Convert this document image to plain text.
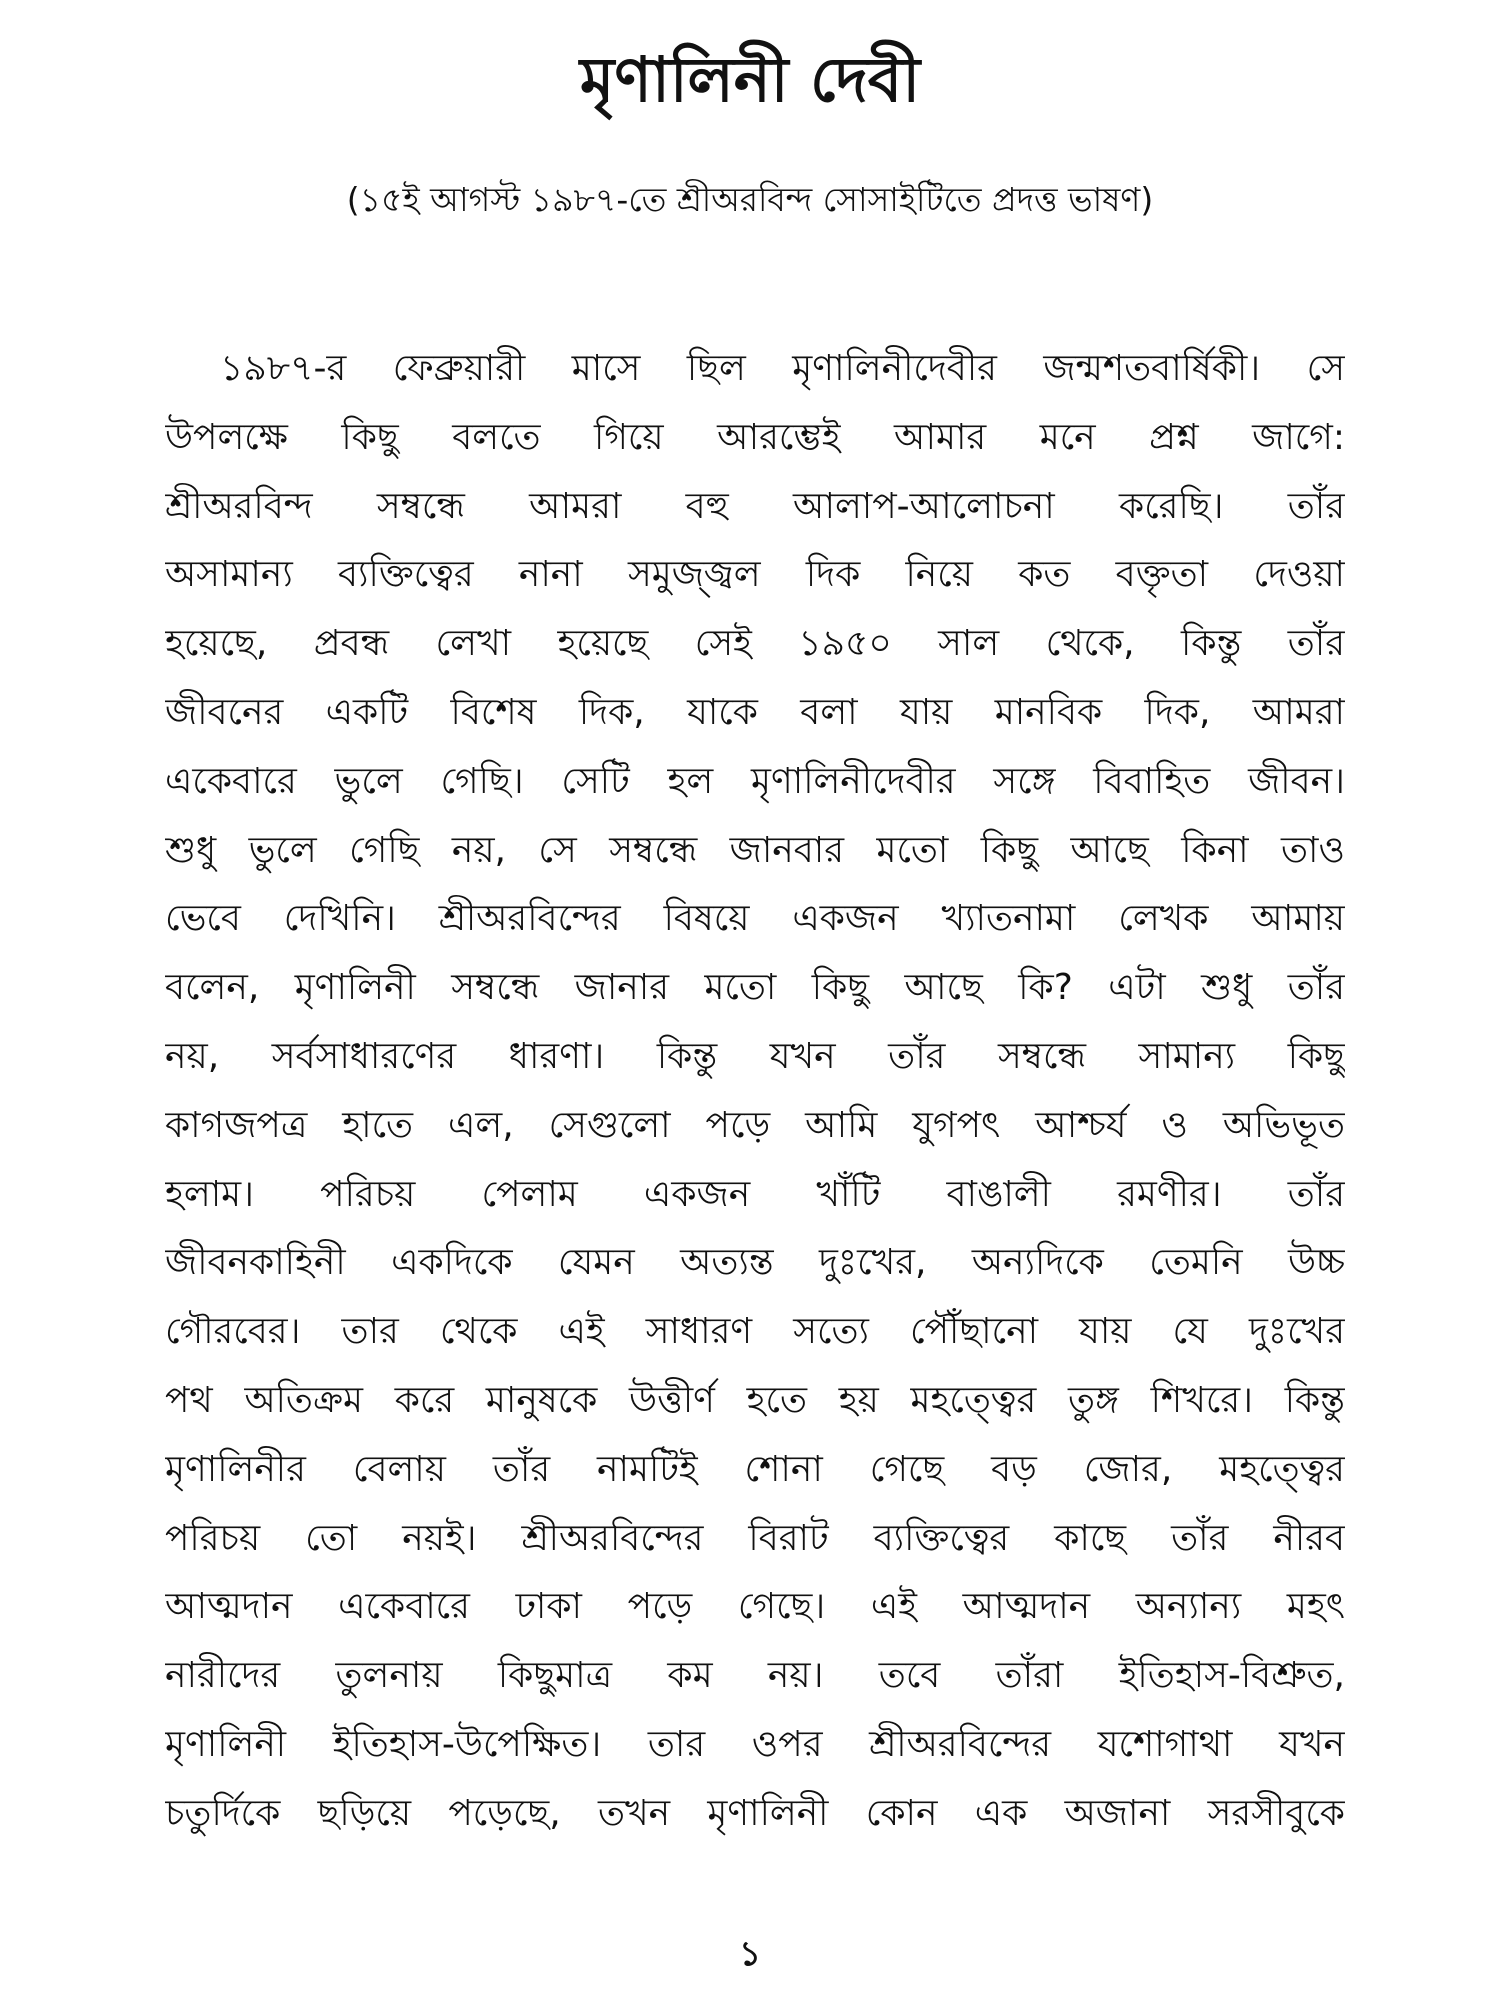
মৃণালিনী দেবী

(১৫ই আগস্ট ১৯৮৭-তে শ্রীঅরবিন্দ সোসাইটিতে প্রদত্ত ভাষণ)

১৯৮৭-র ফেব্রুয়ারী মাসে ছিল মৃণালিনীদেবীর জন্মশতবার্ষিকী। সে
উপলক্ষে কিছু বলতে গিয়ে আরম্ভেই আমার মনে প্রশ্ন জাগে:
শ্রীঅরবিন্দ সম্বন্ধে আমরা বহু আলাপ-আলোচনা করেছি। তাঁর
অসামান্য ব্যক্তিত্বের নানা সমুজ্জ্বল দিক নিয়ে কত বক্তৃতা দেওয়া
হয়েছে, প্রবন্ধ লেখা হয়েছে সেই ১৯৫০ সাল থেকে, কিন্তু তাঁর
জীবনের একটি বিশেষ দিক, যাকে বলা যায় মানবিক দিক, আমরা
একেবারে ভুলে গেছি। সেটি হল মৃণালিনীদেবীর সঙ্গে বিবাহিত জীবন।
শুধু ভুলে গেছি নয়, সে সম্বন্ধে জানবার মতো কিছু আছে কিনা তাও
ভেবে দেখিনি। শ্রীঅরবিন্দের বিষয়ে একজন খ্যাতনামা লেখক আমায়
বলেন, মৃণালিনী সম্বন্ধে জানার মতো কিছু আছে কি? এটা শুধু তাঁর
নয়, সর্বসাধারণের ধারণা। কিন্তু যখন তাঁর সম্বন্ধে সামান্য কিছু
কাগজপত্র হাতে এল, সেগুলো পড়ে আমি যুগপৎ আশ্চর্য ও অভিভূত
হলাম। পরিচয় পেলাম একজন খাঁটি বাঙালী রমণীর। তাঁর
জীবনকাহিনী একদিকে যেমন অত্যন্ত দুঃখের, অন্যদিকে তেমনি উচ্চ
গৌরবের। তার থেকে এই সাধারণ সত্যে পৌঁছানো যায় যে দুঃখের
পথ অতিক্রম করে মানুষকে উত্তীর্ণ হতে হয় মহত্ত্বের তুঙ্গ শিখরে। কিন্তু
মৃণালিনীর বেলায় তাঁর নামটিই শোনা গেছে বড় জোর, মহত্ত্বের
পরিচয় তো নয়ই। শ্রীঅরবিন্দের বিরাট ব্যক্তিত্বের কাছে তাঁর নীরব
আত্মদান একেবারে ঢাকা পড়ে গেছে। এই আত্মদান অন্যান্য মহৎ
নারীদের তুলনায় কিছুমাত্র কম নয়। তবে তাঁরা ইতিহাস-বিশ্রুত,
মৃণালিনী ইতিহাস-উপেক্ষিত। তার ওপর শ্রীঅরবিন্দের যশোগাথা যখন
চতুর্দিকে ছড়িয়ে পড়েছে, তখন মৃণালিনী কোন এক অজানা সরসীবুকে
১
